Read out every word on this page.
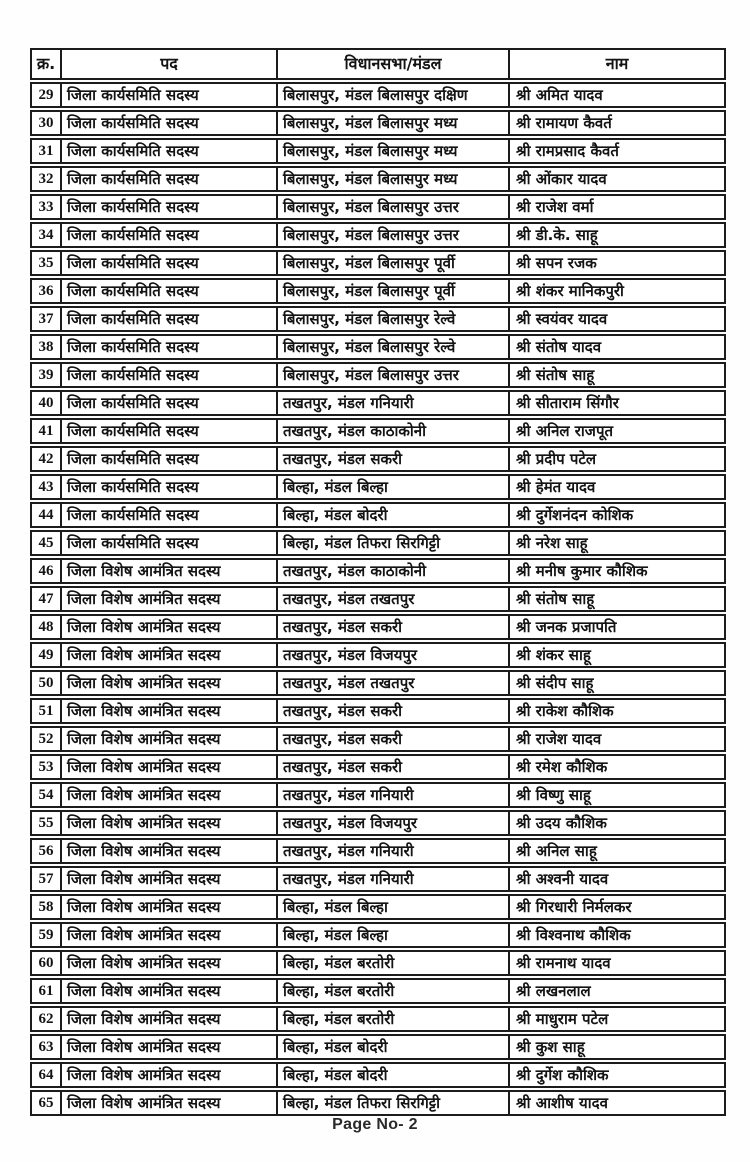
क्र.	पद	विधानसभा/मंडल	नाम
29 जिला कार्यसमिति सदस्य	बिलासपुर, मंडल बिलासपुर दक्षिण	श्री अमित यादव
30 जिला कार्यसमिति सदस्य	बिलासपुर, मंडल बिलासपुर मध्य	श्री रामायण कैवर्त
31 जिला कार्यसमिति सदस्य	बिलासपुर, मंडल बिलासपुर मध्य	श्री रामप्रसाद कैवर्त
32 जिला कार्यसमिति सदस्य	बिलासपुर, मंडल बिलासपुर मध्य	श्री ओंकार यादव
33 जिला कार्यसमिति सदस्य	बिलासपुर, मंडल बिलासपुर उत्तर	श्री राजेश वर्मा
34 जिला कार्यसमिति सदस्य	बिलासपुर, मंडल बिलासपुर उत्तर	श्री डी.के. साहू
35 जिला कार्यसमिति सदस्य	बिलासपुर, मंडल बिलासपुर पूर्वी	श्री सपन रजक
36 जिला कार्यसमिति सदस्य	बिलासपुर, मंडल बिलासपुर पूर्वी	श्री शंकर मानिकपुरी
37 जिला कार्यसमिति सदस्य	बिलासपुर, मंडल बिलासपुर रेल्वे	श्री स्वयंवर यादव
38 जिला कार्यसमिति सदस्य	बिलासपुर, मंडल बिलासपुर रेल्वे	श्री संतोष यादव
39 जिला कार्यसमिति सदस्य	बिलासपुर, मंडल बिलासपुर उत्तर	श्री संतोष साहू
40 जिला कार्यसमिति सदस्य	तखतपुर, मंडल गनियारी	श्री सीताराम सिंगौर
41 जिला कार्यसमिति सदस्य	तखतपुर, मंडल काठाकोनी	श्री अनिल राजपूत
42 जिला कार्यसमिति सदस्य	तखतपुर, मंडल सकरी	श्री प्रदीप पटेल
43 जिला कार्यसमिति सदस्य	बिल्हा, मंडल बिल्हा	श्री हेमंत यादव
44 जिला कार्यसमिति सदस्य	बिल्हा, मंडल बोदरी	श्री दुर्गेशनंदन कोशिक
45 जिला कार्यसमिति सदस्य	बिल्हा, मंडल तिफरा सिरगिट्टी	श्री नरेश साहू
46 जिला विशेष आमंत्रित सदस्य	तखतपुर, मंडल काठाकोनी	श्री मनीष कुमार कौशिक
47 जिला विशेष आमंत्रित सदस्य	तखतपुर, मंडल तखतपुर	श्री संतोष साहू
48 जिला विशेष आमंत्रित सदस्य	तखतपुर, मंडल सकरी	श्री जनक प्रजापति
49 जिला विशेष आमंत्रित सदस्य	तखतपुर, मंडल विजयपुर	श्री शंकर साहू
50 जिला विशेष आमंत्रित सदस्य	तखतपुर, मंडल तखतपुर	श्री संदीप साहू
51 जिला विशेष आमंत्रित सदस्य	तखतपुर, मंडल सकरी	श्री राकेश कौशिक
52 जिला विशेष आमंत्रित सदस्य	तखतपुर, मंडल सकरी	श्री राजेश यादव
53 जिला विशेष आमंत्रित सदस्य	तखतपुर, मंडल सकरी	श्री रमेश कौशिक
54 जिला विशेष आमंत्रित सदस्य	तखतपुर, मंडल गनियारी	श्री विष्णु साहू
55 जिला विशेष आमंत्रित सदस्य	तखतपुर, मंडल विजयपुर	श्री उदय कौशिक
56 जिला विशेष आमंत्रित सदस्य	तखतपुर, मंडल गनियारी	श्री अनिल साहू
57 जिला विशेष आमंत्रित सदस्य	तखतपुर, मंडल गनियारी	श्री अश्वनी यादव
58 जिला विशेष आमंत्रित सदस्य	बिल्हा, मंडल बिल्हा	श्री गिरधारी निर्मलकर
59 जिला विशेष आमंत्रित सदस्य	बिल्हा, मंडल बिल्हा	श्री विश्वनाथ कौशिक
60 जिला विशेष आमंत्रित सदस्य	बिल्हा, मंडल बरतोरी	श्री रामनाथ यादव
61 जिला विशेष आमंत्रित सदस्य	बिल्हा, मंडल बरतोरी	श्री लखनलाल
62 जिला विशेष आमंत्रित सदस्य	बिल्हा, मंडल बरतोरी	श्री माधुराम पटेल
63 जिला विशेष आमंत्रित सदस्य	बिल्हा, मंडल बोदरी	श्री कुश साहू
64 जिला विशेष आमंत्रित सदस्य	बिल्हा, मंडल बोदरी	श्री दुर्गेश कौशिक
65 जिला विशेष आमंत्रित सदस्य	बिल्हा, मंडल तिफरा सिरगिट्टी	श्री आशीष यादव
Page No- 2
